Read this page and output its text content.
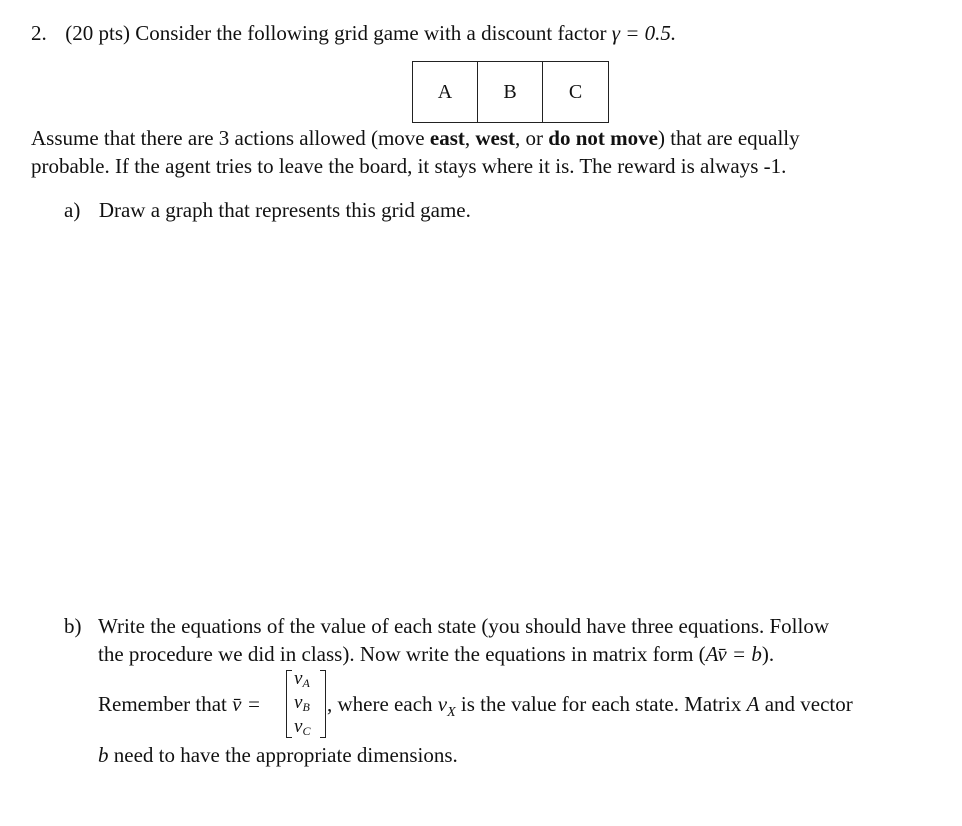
2. (20 pts) Consider the following grid game with a discount factor γ = 0.5.
A	B	C
Assume that there are 3 actions allowed (move east, west, or do not move) that are equally
probable. If the agent tries to leave the board, it stays where it is. The reward is always -1.
a) Draw a graph that represents this grid game.
b) Write the equations of the value of each state (you should have three equations. Follow
the procedure we did in class). Now write the equations in matrix form (Av̄ = b).
Remember that v̄ =
$v_A$
$v_B$
$v_C$
, where each $v_X$ is the value for each state. Matrix A and vector
b need to have the appropriate dimensions.
